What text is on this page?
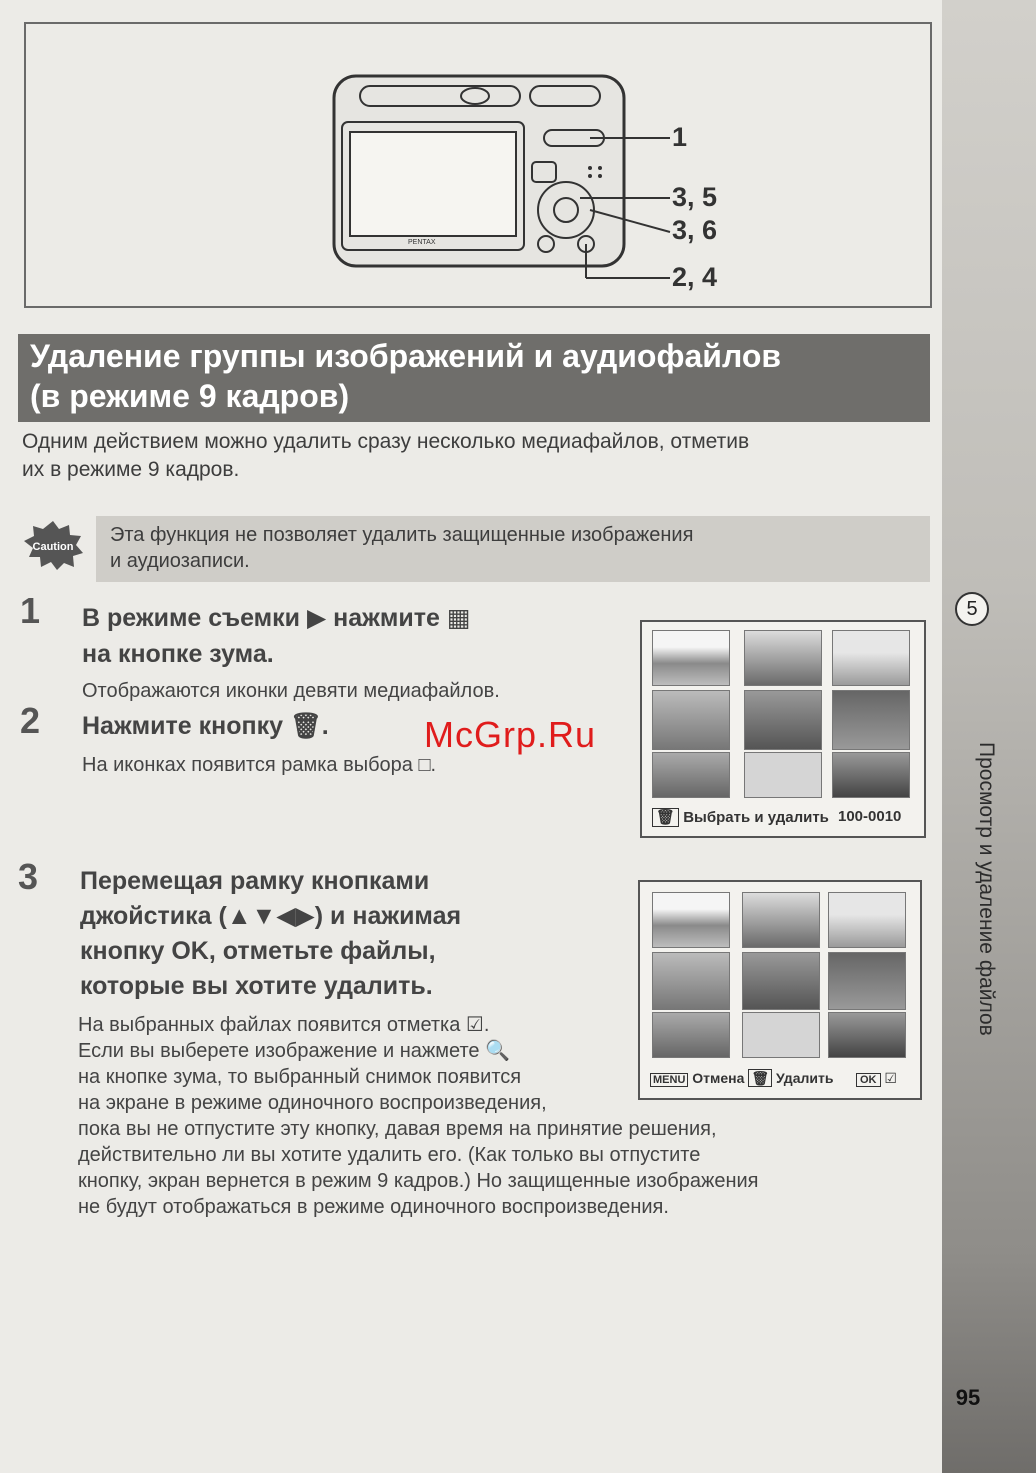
5
Просмотр и удаление файлов
95
PENTAX
1
3, 5
3, 6
2, 4
Удаление группы изображений и аудиофайлов
(в режиме 9 кадров)
Одним действием можно удалить сразу несколько медиафайлов, отметив
их в режиме 9 кадров.
Caution
Эта функция не позволяет удалить защищенные изображения
и аудиозаписи.
1 В режиме съемки ▶ нажмите ▦
на кнопке зума.
Отображаются иконки девяти медиафайлов.
2 Нажмите кнопку 🗑.
На иконках появится рамка выбора □.
🗑 Выбрать и удалить 100-0010
McGrp.Ru
3 Перемещая рамку кнопками
джойстика (▲▼◀▶) и нажимая
кнопку OK, отметьте файлы,
которые вы хотите удалить.
На выбранных файлах появится отметка ☑.
Если вы выберете изображение и нажмете 🔍
на кнопке зума, то выбранный снимок появится
на экране в режиме одиночного воспроизведения,
пока вы не отпустите эту кнопку, давая время на принятие решения,
действительно ли вы хотите удалить его. (Как только вы отпустите
кнопку, экран вернется в режим 9 кадров.) Но защищенные изображения
не будут отображаться в режиме одиночного воспроизведения.
MENU Отмена 🗑 Удалить	OK ☑
